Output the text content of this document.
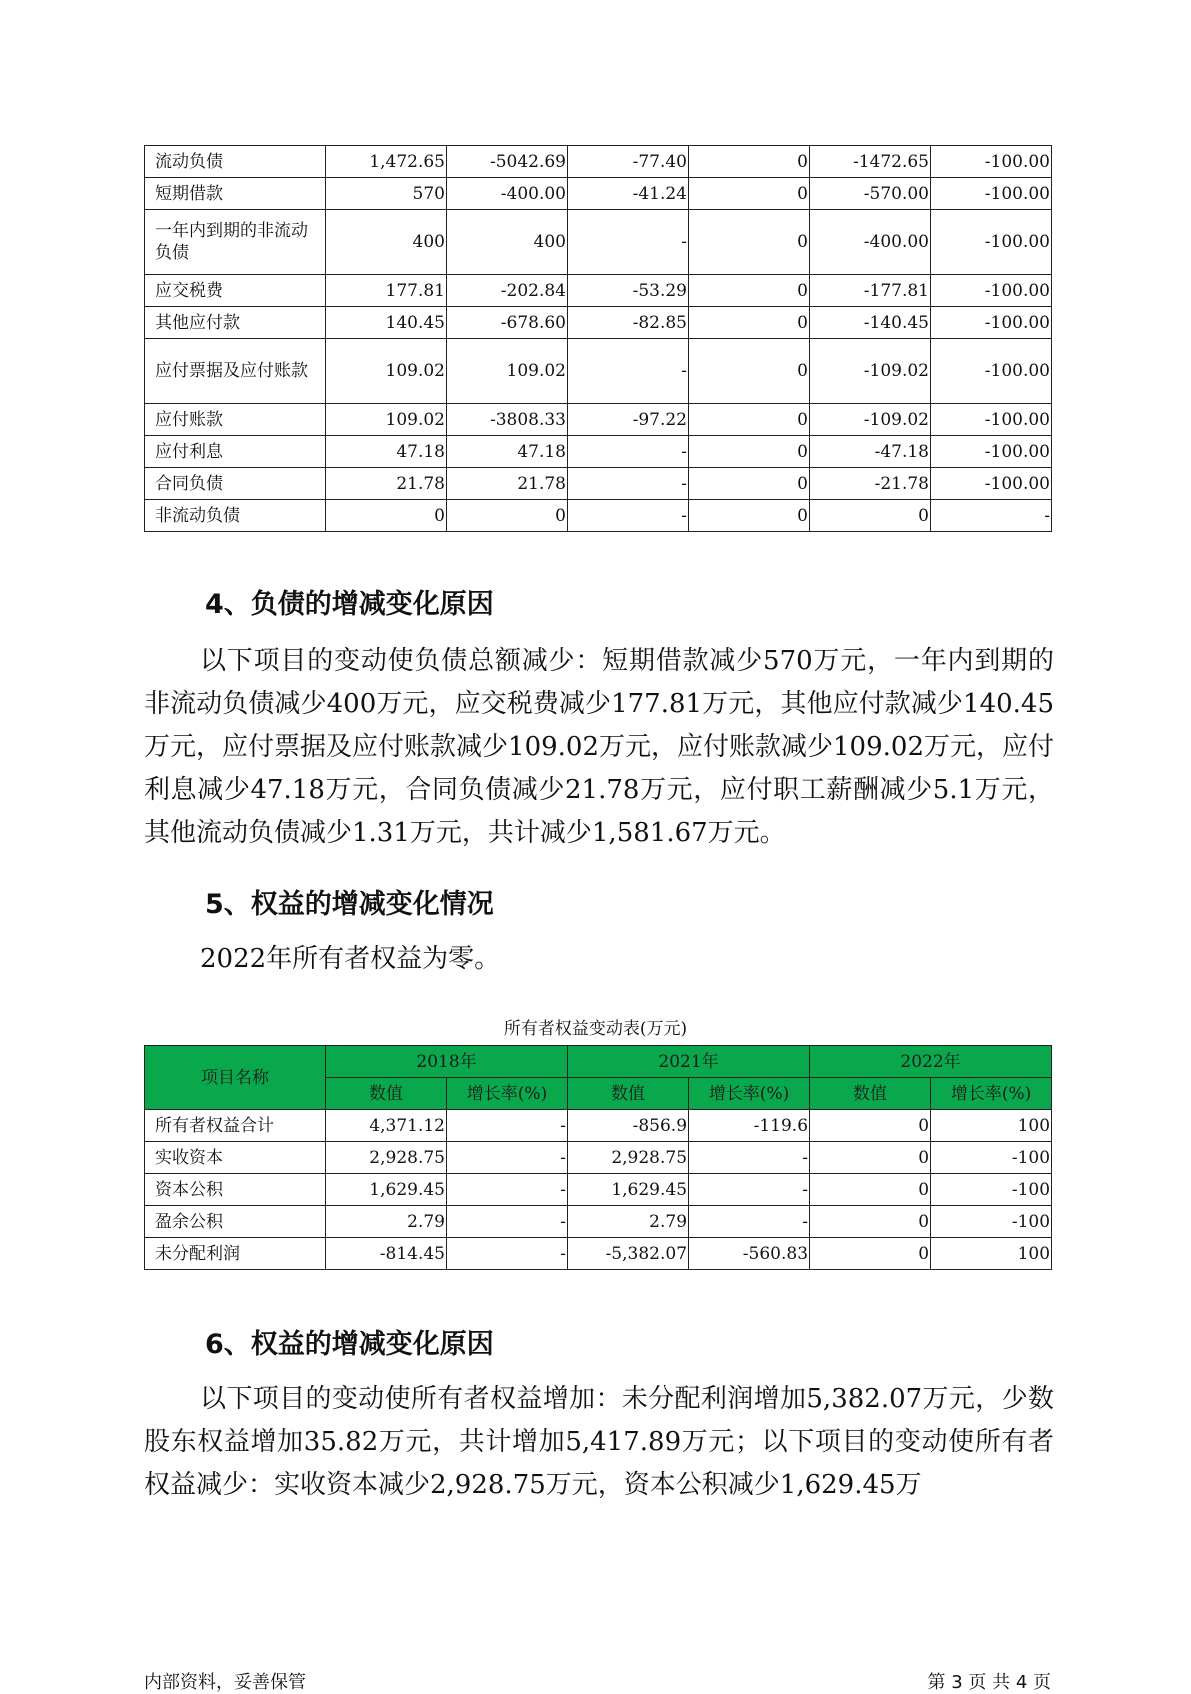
流动负债	1,472.65	-5042.69	-77.40	0	-1472.65	-100.00
短期借款	570	-400.00	-41.24	0	-570.00	-100.00
一年内到期的非流动负债	400	400	-	0	-400.00	-100.00
应交税费	177.81	-202.84	-53.29	0	-177.81	-100.00
其他应付款	140.45	-678.60	-82.85	0	-140.45	-100.00
应付票据及应付账款	109.02	109.02	-	0	-109.02	-100.00
应付账款	109.02	-3808.33	-97.22	0	-109.02	-100.00
应付利息	47.18	47.18	-	0	-47.18	-100.00
合同负债	21.78	21.78	-	0	-21.78	-100.00
非流动负债	0	0	-	0	0	-
4、负债的增减变化原因

以下项目的变动使负债总额减少：短期借款减少570万元，一年内到期的非流动负债减少400万元，应交税费减少177.81万元，其他应付款减少140.45万元，应付票据及应付账款减少109.02万元，应付账款减少109.02万元，应付利息减少47.18万元，合同负债减少21.78万元，应付职工薪酬减少5.1万元，其他流动负债减少1.31万元，共计减少1,581.67万元。

5、权益的增减变化情况

2022年所有者权益为零。

所有者权益变动表(万元)

项目名称	2018年		2021年		2022年	
	数值	增长率(%)	数值	增长率(%)	数值	增长率(%)
所有者权益合计	4,371.12	-	-856.9	-119.6	0	100
实收资本	2,928.75	-	2,928.75	-	0	-100
资本公积	1,629.45	-	1,629.45	-	0	-100
盈余公积	2.79	-	2.79	-	0	-100
未分配利润	-814.45	-	-5,382.07	-560.83	0	100
6、权益的增减变化原因

以下项目的变动使所有者权益增加：未分配利润增加5,382.07万元，少数股东权益增加35.82万元，共计增加5,417.89万元；以下项目的变动使所有者权益减少：实收资本减少2,928.75万元，资本公积减少1,629.45万

内部资料，妥善保管	第 3 页 共 4 页
